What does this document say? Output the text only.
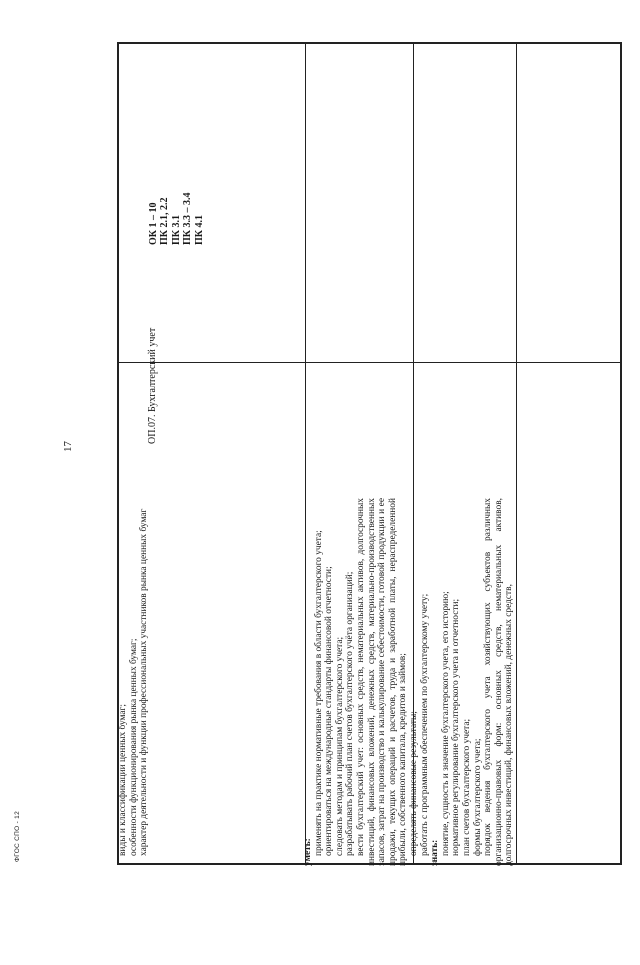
17

виды и классификации ценных бумаг; особенности функционирования рынка ценных бумаг; характер деятельности и функции профессиональных участников рынка ценных бумаг	уметь: применять на практике нормативные требования в области бухгалтерского учета; ориентироваться на международные стандарты финансовой отчетности; следовать методам и принципам бухгалтерского учета; разрабатывать рабочий план счетов бухгалтерского учёта организаций; вести бухгалтерский учет: основных средств, нематериальных активов, долгосрочных инвестиций, финансовых вложений, денежных средств, материально-производственных запасов, затрат на производство и калькулирование себестоимости, готовой продукции и ее продажи, текущих операций и расчетов, труда и заработной платы, нераспределенной прибыли, собственного капитала, кредитов и займов; определять финансовые результаты; работать с программным обеспечением по бухгалтерскому учету; знать: понятие, сущность и значение бухгалтерского учета, его историю; нормативное регулирование бухгалтерского учета и отчетности; план счетов бухгалтерского учета; формы бухгалтерского учета; порядок ведения бухгалтерского учета хозяйствующих субъектов различных организационно-правовых форм: основных средств, нематериальных активов, долгосрочных инвестиций, финансовых вложений, денежных средств,

ОП.07. Бухгалтерский учет
ОК 1 – 10 ПК 2.1, 2.2 ПК 3.1 ПК 3.3 – 3.4 ПК 4.1
ФГОС СПО - 12
